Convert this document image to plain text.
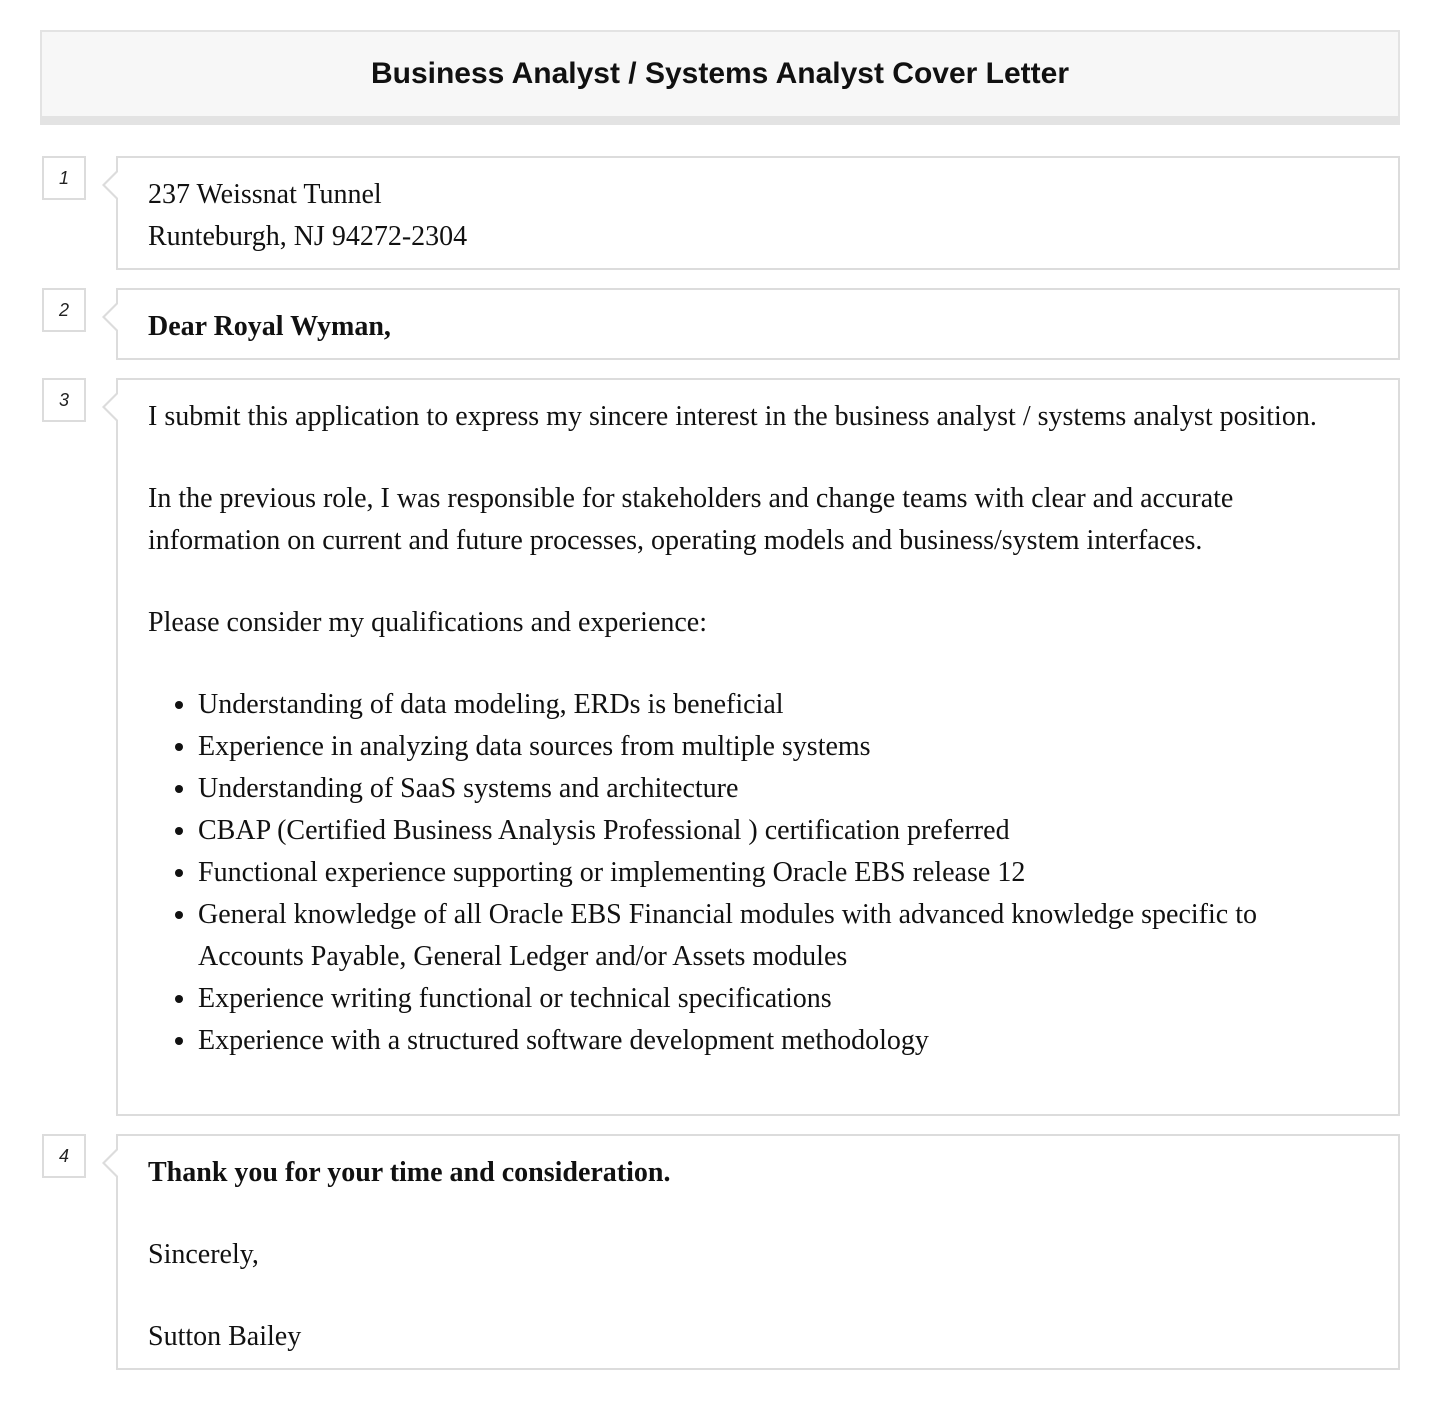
Business Analyst / Systems Analyst Cover Letter
1
237 Weissnat Tunnel
Runteburgh, NJ 94272-2304
2
Dear Royal Wyman,
3

I submit this application to express my sincere interest in the business analyst / systems analyst position.

In the previous role, I was responsible for stakeholders and change teams with clear and accurate information on current and future processes, operating models and business/system interfaces.

Please consider my qualifications and experience:

• Understanding of data modeling, ERDs is beneficial
• Experience in analyzing data sources from multiple systems
• Understanding of SaaS systems and architecture
• CBAP (Certified Business Analysis Professional ) certification preferred
• Functional experience supporting or implementing Oracle EBS release 12
• General knowledge of all Oracle EBS Financial modules with advanced knowledge specific to Accounts Payable, General Ledger and/or Assets modules
• Experience writing functional or technical specifications
• Experience with a structured software development methodology
4

Thank you for your time and consideration.

Sincerely,

Sutton Bailey
